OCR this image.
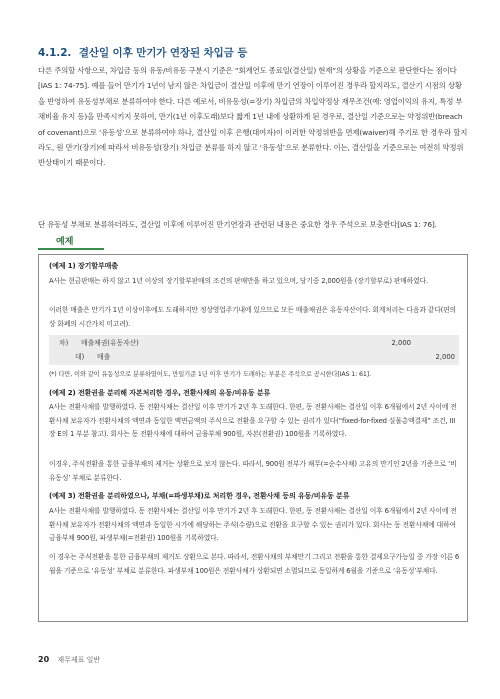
4.1.2. 결산일 이후 만기가 연장된 차입금 등
다른 주의할 사항으로, 차입금 등의 유동/비유동 구분시 기준은 “회계연도 종료일(결산일) 현재”의 상황을 기준으로 판단한다는 점이다[IAS 1: 74-75]. 예를 들어 만기가 1년이 남지 않은 차입금이 결산일 이후에 만기 연장이 이루어진 경우라 할지라도, 결산기 시점의 상황을 반영하여 유동성부채로 분류하여야 한다. 다른 예로서, 비유동성(=장기) 차입금의 차입약정상 재무조건(예: 영업이익의 유지, 특정 부채비율 유지 등)을 만족시키지 못하여, 만기(1년 이후도래)보다 짧게 1년 내에 상환하게 된 경우로, 결산일 기준으로는 약정위반(breach of covenant)으로 ‘유동성’으로 분류하여야 하나, 결산일 이후 은행(대여자)이 이러한 약정위반을 면제(waiver)해 주기로 한 경우라 할지라도, 원 만기(장기)에 따라서 비유동성(장기) 차입금 분류를 하지 않고 ‘유동성’으로 분류한다. 이는, 결산일을 기준으로는 여전히 약정위반상태이기 때문이다.
단 유동성 부채로 분류하더라도, 결산일 이후에 이루어진 만기연장과 관련된 내용은 중요한 경우 주석으로 보충한다[IAS 1: 76].
예제
(예제 1) 장기할부매출
A사는 현금판매는 하지 않고 1년 이상의 장기할부판매의 조건의 판매만을 하고 있으며, 당기중 2,000원을 (장기할부로) 판매하였다.
이러한 매출은 만기가 1년 이상이후에도 도래하지만 정상영업주기내에 있으므로 모든 매출채권은 유동자산이다. 회계처리는 다음과 같다(편의상 화폐의 시간가치 미고려).
차) 매출채권(유동자산)	2,000
대) 매출	2,000
(*) 다만, 이와 같이 유동성으로 분류하였어도, 만일기준 1년 이후 만기가 도래하는 부분은 주석으로 공시한다[IAS 1: 61].
(예제 2) 전환권을 분리해 자본처리한 경우, 전환사채의 유동/비유동 분류
A사는 전환사채를 발행하였다. 동 전환사채는 결산일 이후 만기가 2년 후 도래한다. 한편, 동 전환사채는 결산일 이후 6개월에서 2년 사이에 전환사채 보유자가 전환사채의 액면과 동일한 액면금액의 주식으로 전환을 요구할 수 있는 권리가 있다(“fixed-for-fixed 실물총액결제” 조건, III장 E의 1 부분 참고). 회사는 동 전환사채에 대하여 금융부채 900원, 자본(전환권) 100원을 기록하였다.
이경우, 주식전환을 통한 금융부채의 제거는 상환으로 보지 않는다. 따라서, 900원 전부가 채무(=순수사채) 고유의 만기인 2년을 기준으로 ‘비유동성’ 부채로 분류한다.
(예제 3) 전환권을 분리하였으나, 부채(=파생부채)로 처리한 경우, 전환사채 등의 유동/비유동 분류
A사는 전환사채를 발행하였다. 동 전환사채는 결산일 이후 만기가 2년 후 도래한다. 한편, 동 전환사채는 결산일 이후 6개월에서 2년 사이에 전환사채 보유자가 전환사채의 액면과 동일한 시가에 해당하는 주식(수량)으로 전환을 요구할 수 있는 권리가 있다. 회사는 동 전환사채에 대하여 금융부채 900원, 파생부채(=전환권) 100원을 기록하였다.
이 경우는 주식전환을 통한 금융부채의 제거도 상환으로 본다. 따라서, 전환사채의 부채만기 그리고 전환을 통한 결제요구가능일 중 가장 이른 6월을 기준으로 ‘유동성’ 부채로 분류한다. 파생부채 100원은 전환사채가 상환되면 소멸되므로 동일하게 6월을 기준으로 ‘유동성’부채다.
20 재무제표 일반
